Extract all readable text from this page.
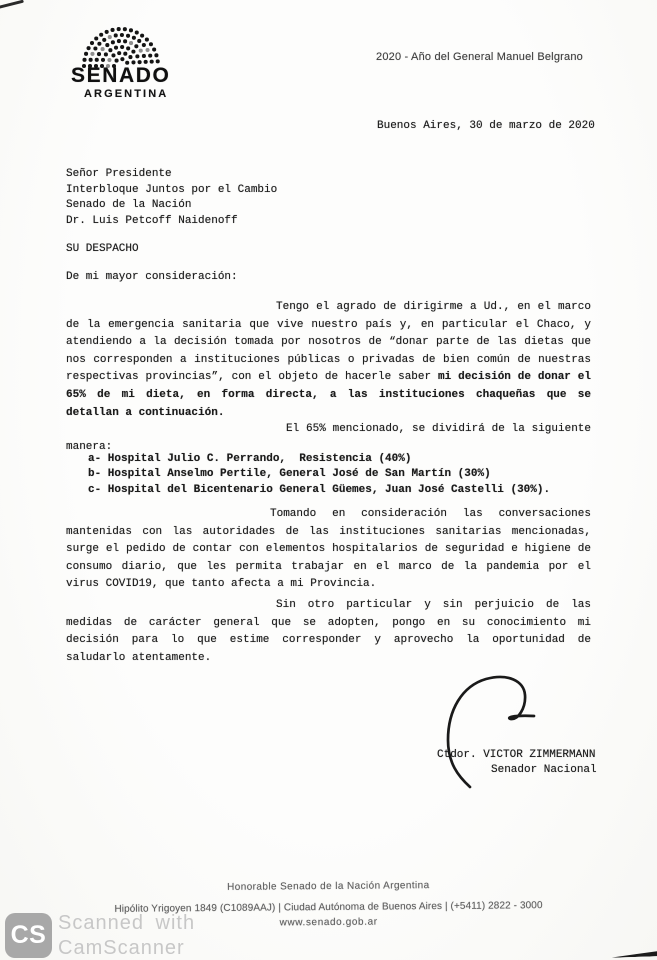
SENADO
ARGENTINA
2020 - Año del General Manuel Belgrano
Buenos Aires, 30 de marzo de 2020
Señor Presidente
Interbloque Juntos por el Cambio
Senado de la Nación
Dr. Luis Petcoff Naidenoff
SU DESPACHO
De mi mayor consideración:
Tengo el agrado de dirigirme a Ud., en el marco de la emergencia sanitaria que vive nuestro país y, en particular el Chaco, y atendiendo a la decisión tomada por nosotros de “donar parte de las dietas que nos corresponden a instituciones públicas o privadas de bien común de nuestras respectivas provincias”, con el objeto de hacerle saber mi decisión de donar el 65% de mi dieta, en forma directa, a las instituciones chaqueñas que se detallan a continuación.
El 65% mencionado, se dividirá de la siguiente manera:
a- Hospital Julio C. Perrando,  Resistencia (40%)
b- Hospital Anselmo Pertile, General José de San Martín (30%)
c- Hospital del Bicentenario General Güemes, Juan José Castelli (30%).
Tomando en consideración las conversaciones mantenidas con las autoridades de las instituciones sanitarias mencionadas, surge el pedido de contar con elementos hospitalarios de seguridad e higiene de consumo diario, que les permita trabajar en el marco de la pandemia por el virus COVID19, que tanto afecta a mi Provincia.
Sin otro particular y sin perjuicio de las medidas de carácter general que se adopten, pongo en su conocimiento mi decisión para lo que estime corresponder y aprovecho la oportunidad de saludarlo atentamente.
Ctdor. VICTOR ZIMMERMANN
Senador Nacional
Honorable Senado de la Nación Argentina
Hipólito Yrigoyen 1849 (C1089AAJ) | Ciudad Autónoma de Buenos Aires | (+5411) 2822 - 3000
www.senado.gob.ar
CS Scanned with
CamScanner
